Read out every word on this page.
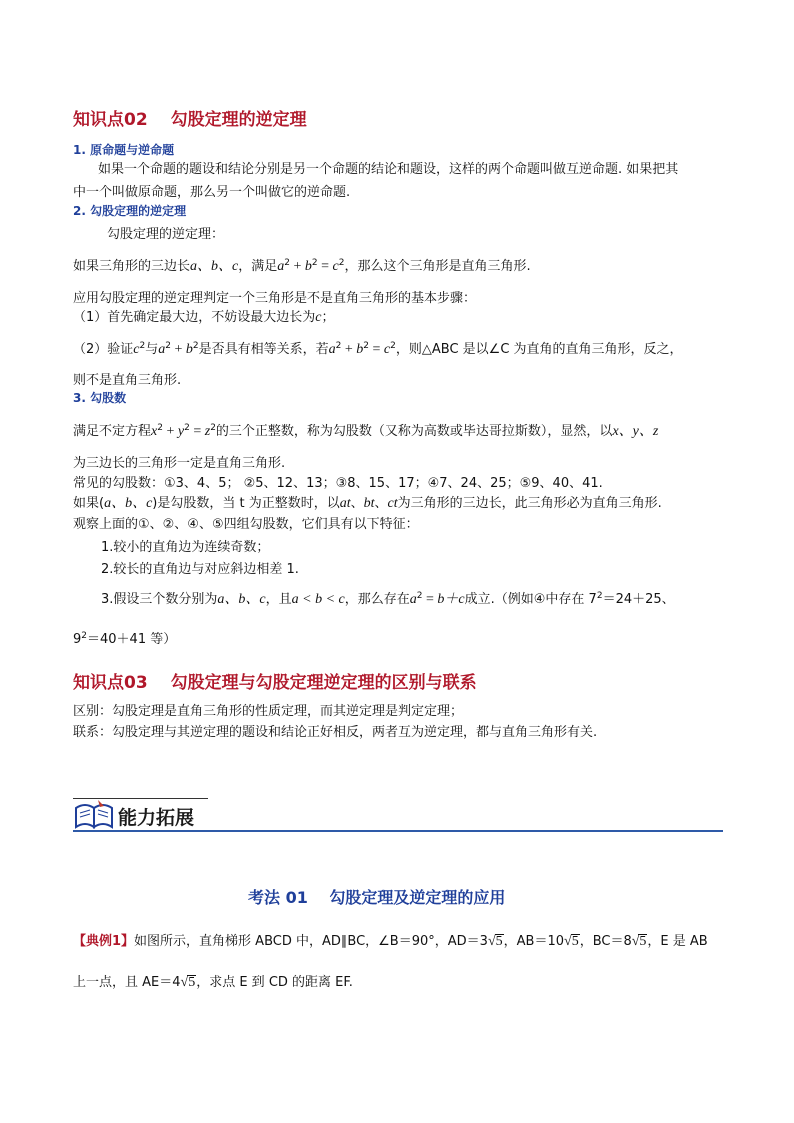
知识点02　 勾股定理的逆定理
1. 原命题与逆命题
如果一个命题的题设和结论分别是另一个命题的结论和题设，这样的两个命题叫做互逆命题. 如果把其
中一个叫做原命题，那么另一个叫做它的逆命题.
2. 勾股定理的逆定理
勾股定理的逆定理：
如果三角形的三边长a、b、c，满足$a^2 + b^2 = c^2$，那么这个三角形是直角三角形.
应用勾股定理的逆定理判定一个三角形是不是直角三角形的基本步骤：
（1）首先确定最大边，不妨设最大边长为c；
（2）验证$c^2$与$a^2 + b^2$是否具有相等关系，若$a^2 + b^2 = c^2$，则△ABC 是以∠C 为直角的直角三角形，反之，
则不是直角三角形.
3. 勾股数
满足不定方程$x^2 + y^2 = z^2$的三个正整数，称为勾股数（又称为高数或毕达哥拉斯数），显然，以x、y、z
为三边长的三角形一定是直角三角形.
常见的勾股数：①3、4、5； ②5、12、13；③8、15、17；④7、24、25；⑤9、40、41.
如果(a、b、c)是勾股数，当 t 为正整数时，以at、bt、ct为三角形的三边长，此三角形必为直角三角形.
观察上面的①、②、④、⑤四组勾股数，它们具有以下特征：
1.较小的直角边为连续奇数；
2.较长的直角边与对应斜边相差 1.
3.假设三个数分别为a、b、c，且a < b < c，那么存在$a^2 = b+c$成立.（例如④中存在 $7^2=24+25$、
$9^2=40+41$ 等）
知识点03　 勾股定理与勾股定理逆定理的区别与联系
区别：勾股定理是直角三角形的性质定理，而其逆定理是判定定理；
联系：勾股定理与其逆定理的题设和结论正好相反，两者互为逆定理，都与直角三角形有关.
能力拓展
考法 01　 勾股定理及逆定理的应用
【典例1】如图所示，直角梯形 ABCD 中，AD∥BC，∠B＝90°，AD＝3√5，AB＝10√5，BC＝8√5，E 是 AB
上一点，且 AE＝4√5，求点 E 到 CD 的距离 EF.
